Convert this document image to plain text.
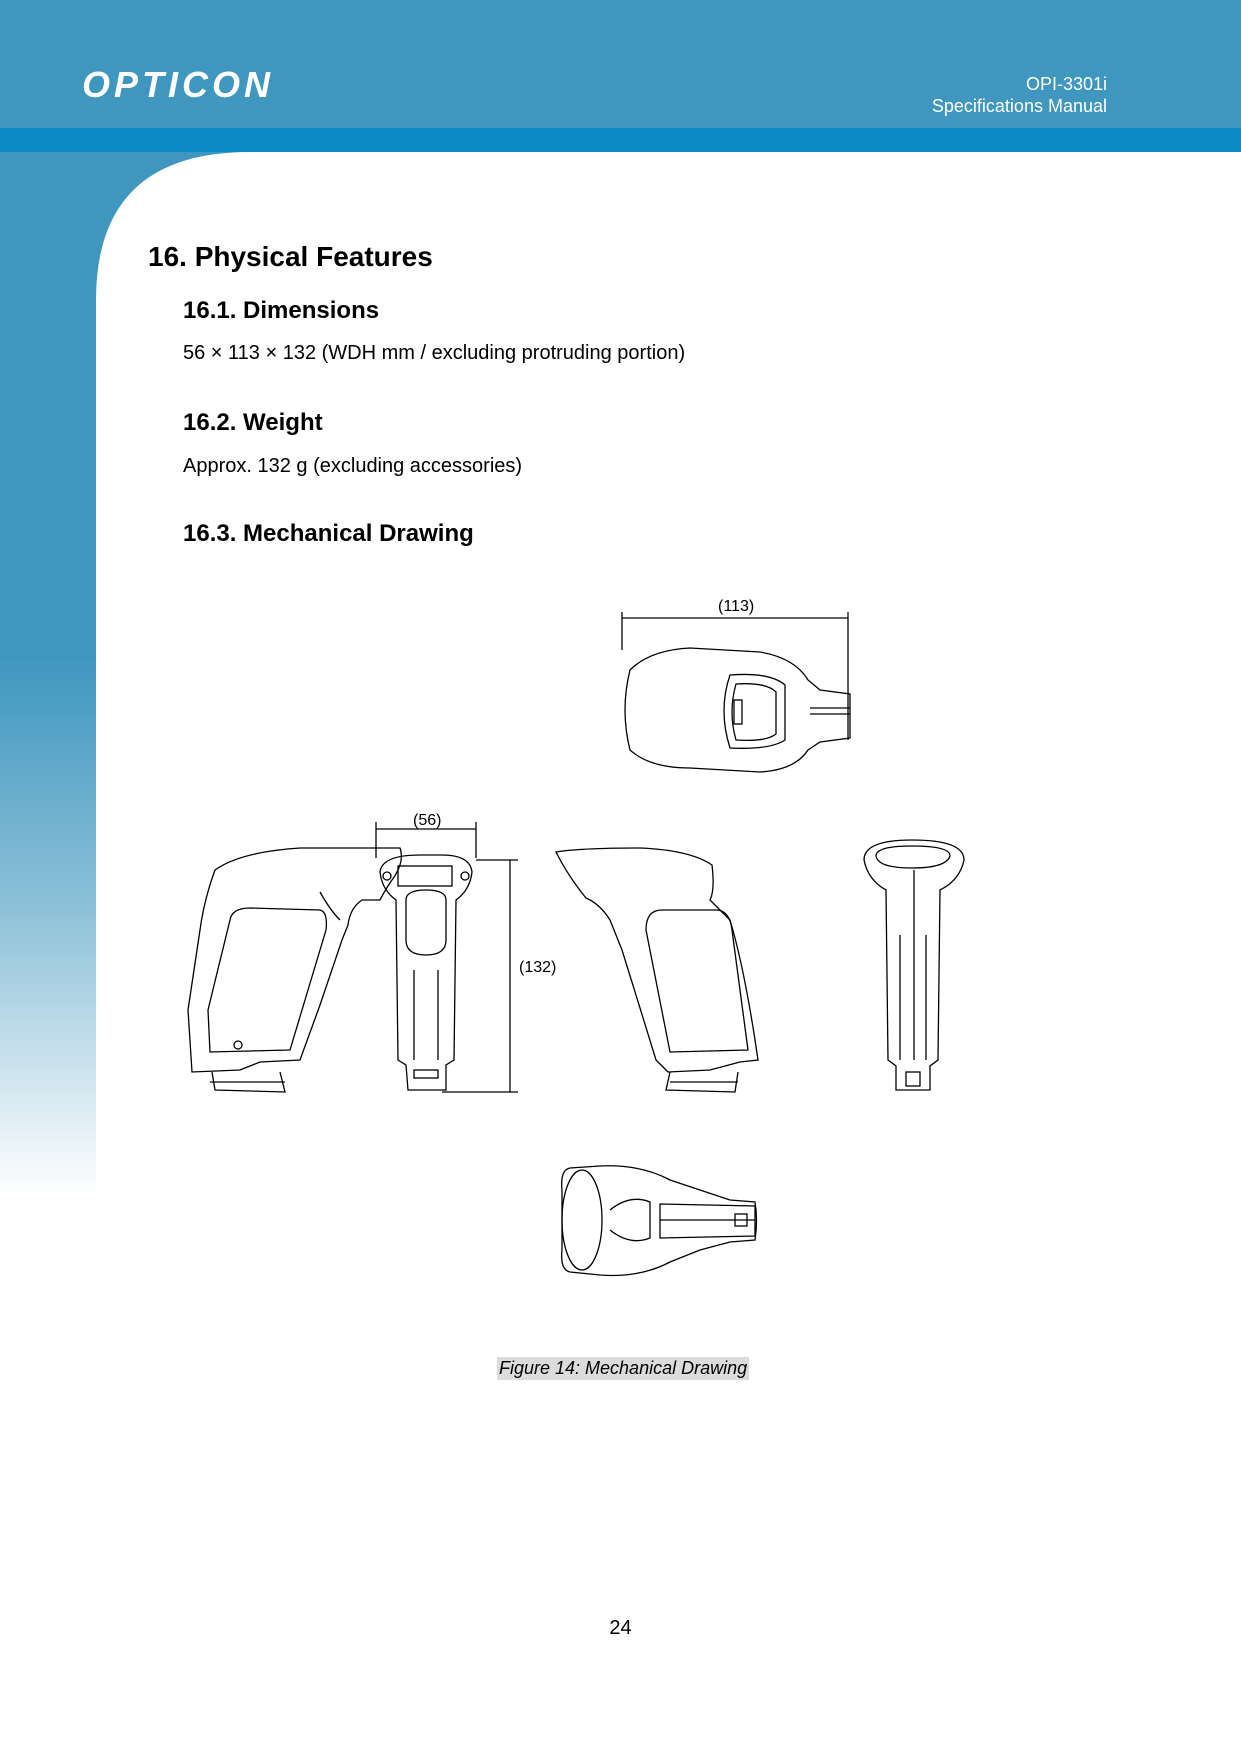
OPTICON	OPI-3301i
Specifications Manual
16. Physical Features
16.1. Dimensions

56 × 113 × 132 (WDH mm / excluding protruding portion)

16.2. Weight

Approx. 132 g (excluding accessories)

16.3. Mechanical Drawing
(113)
(56)
(132)
Figure 14: Mechanical Drawing
24
